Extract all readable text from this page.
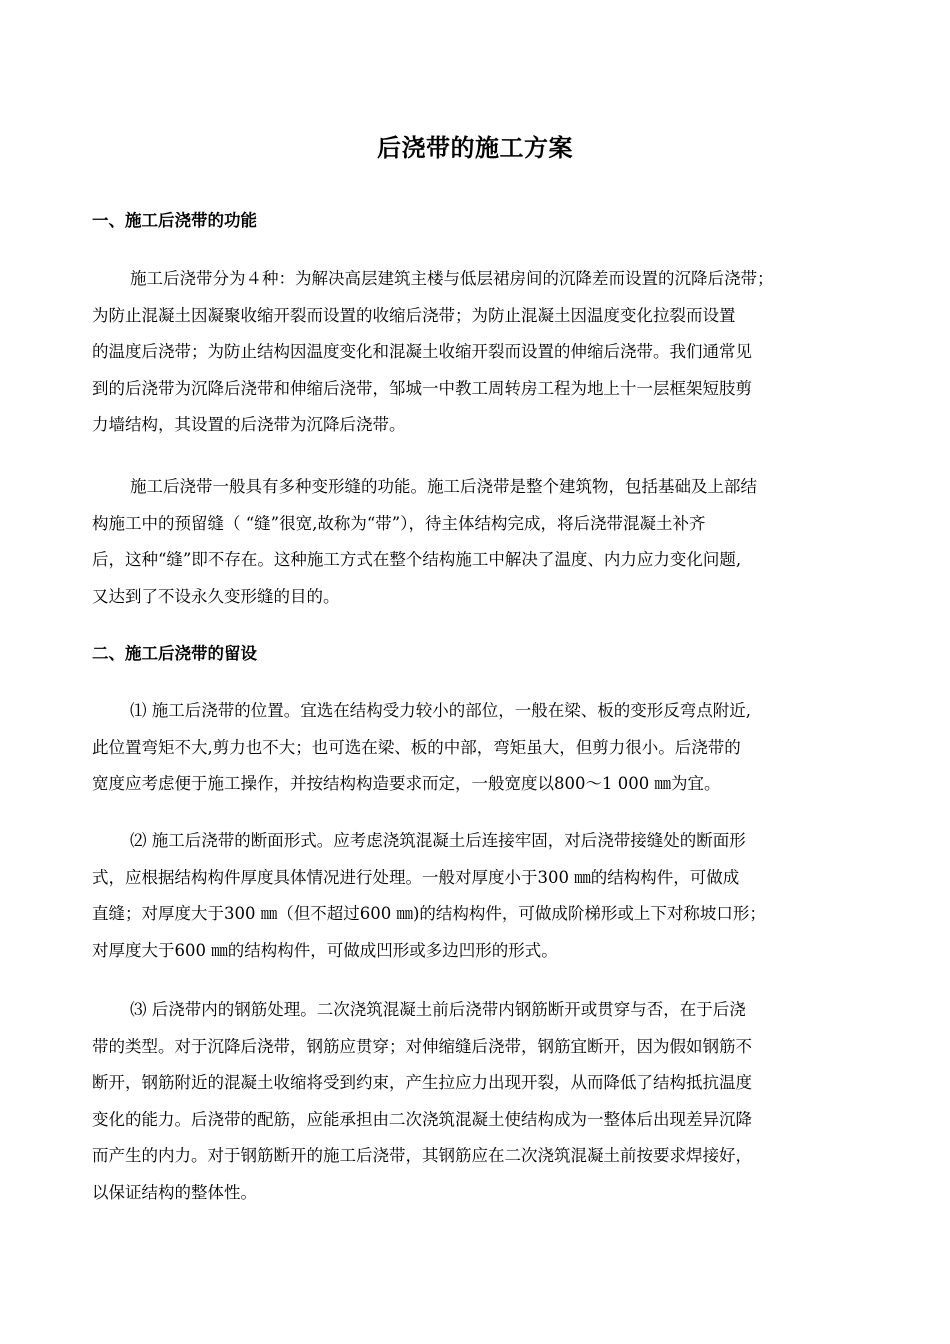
后浇带的施工方案
一、施工后浇带的功能
施工后浇带分为４种：为解决高层建筑主楼与低层裙房间的沉降差而设置的沉降后浇带；
为防止混凝土因凝聚收缩开裂而设置的收缩后浇带；为防止混凝土因温度变化拉裂而设置
的温度后浇带；为防止结构因温度变化和混凝土收缩开裂而设置的伸缩后浇带。我们通常见
到的后浇带为沉降后浇带和伸缩后浇带，邹城一中教工周转房工程为地上十一层框架短肢剪
力墙结构，其设置的后浇带为沉降后浇带。
施工后浇带一般具有多种变形缝的功能。施工后浇带是整个建筑物，包括基础及上部结
构施工中的预留缝（ “缝”很宽,故称为“带”），待主体结构完成，将后浇带混凝土补齐
后，这种“缝”即不存在。这种施工方式在整个结构施工中解决了温度、内力应力变化问题,
又达到了不设永久变形缝的目的。
二、施工后浇带的留设
⑴ 施工后浇带的位置。宜选在结构受力较小的部位，一般在梁、板的变形反弯点附近,
此位置弯矩不大,剪力也不大；也可选在梁、板的中部，弯矩虽大，但剪力很小。后浇带的
宽度应考虑便于施工操作，并按结构构造要求而定，一般宽度以800～1 000 ㎜为宜。
⑵ 施工后浇带的断面形式。应考虑浇筑混凝土后连接牢固，对后浇带接缝处的断面形
式，应根据结构构件厚度具体情况进行处理。一般对厚度小于300 ㎜的结构构件，可做成
直缝；对厚度大于300 ㎜（但不超过600 ㎜)的结构构件，可做成阶梯形或上下对称坡口形；
对厚度大于600 ㎜的结构构件，可做成凹形或多边凹形的形式。
⑶ 后浇带内的钢筋处理。二次浇筑混凝土前后浇带内钢筋断开或贯穿与否，在于后浇
带的类型。对于沉降后浇带，钢筋应贯穿；对伸缩缝后浇带，钢筋宜断开，因为假如钢筋不
断开，钢筋附近的混凝土收缩将受到约束，产生拉应力出现开裂，从而降低了结构抵抗温度
变化的能力。后浇带的配筋，应能承担由二次浇筑混凝土使结构成为一整体后出现差异沉降
而产生的内力。对于钢筋断开的施工后浇带，其钢筋应在二次浇筑混凝土前按要求焊接好，
以保证结构的整体性。
